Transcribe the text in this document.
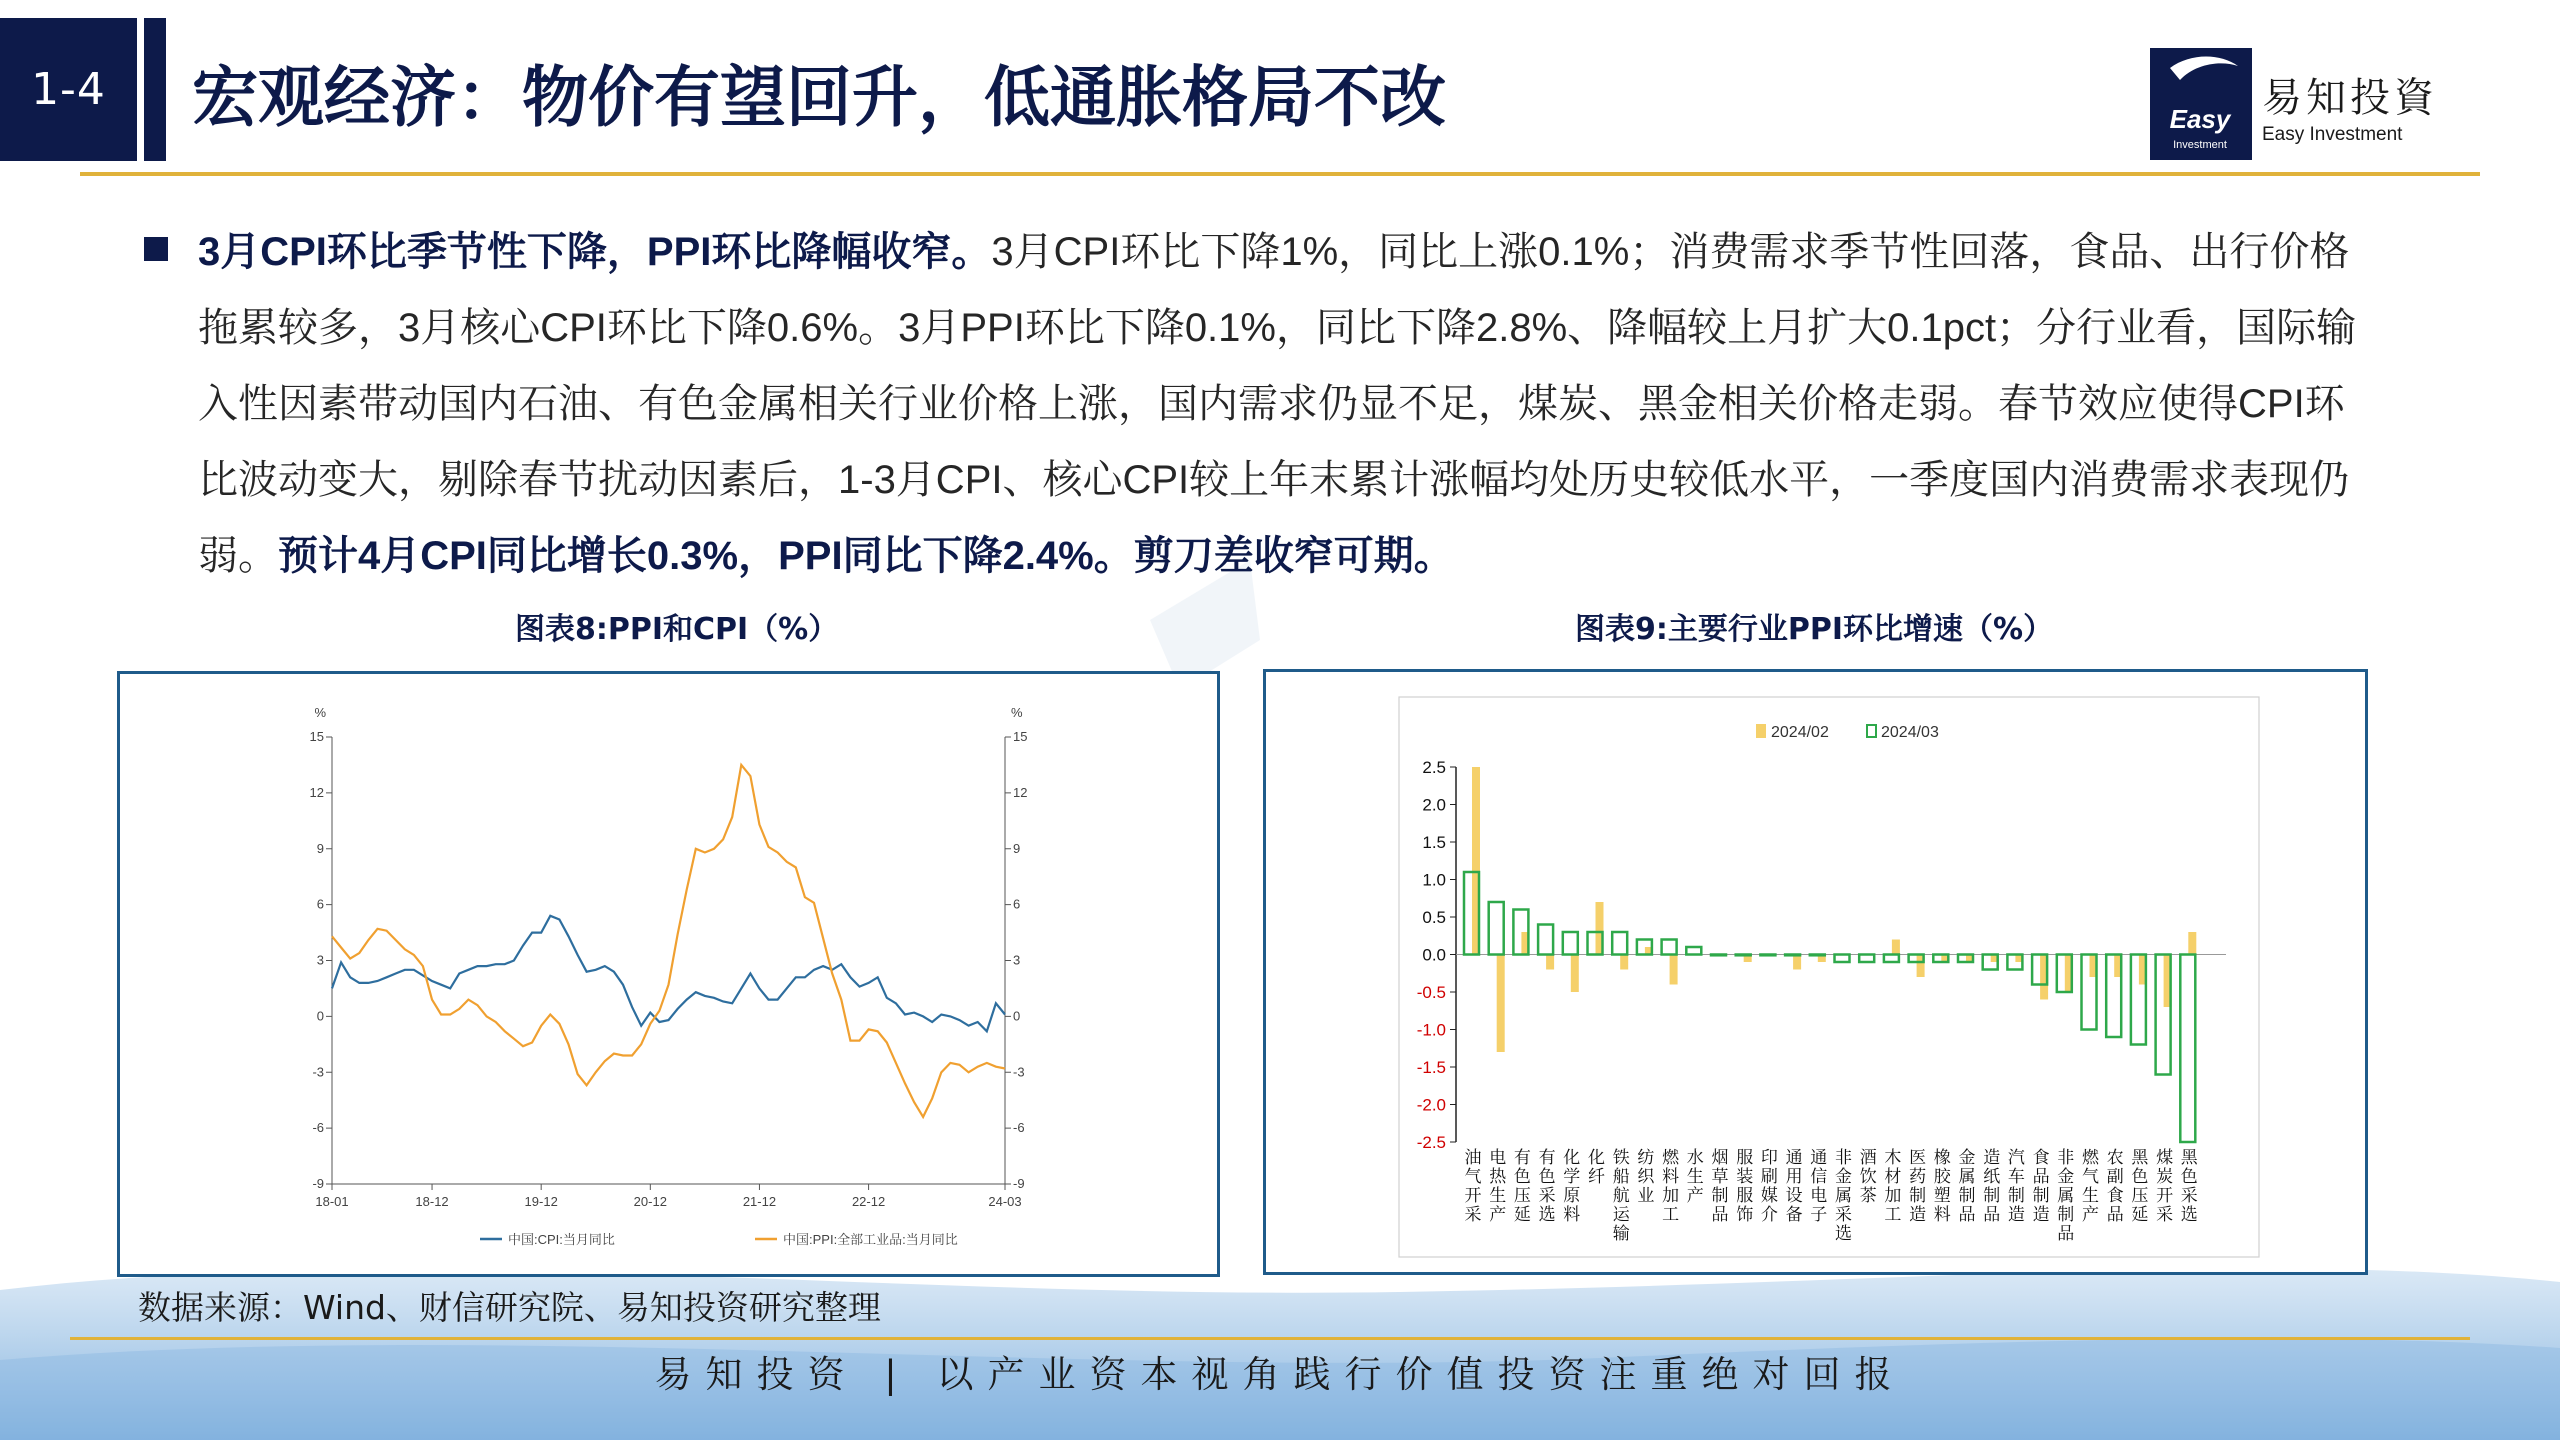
1-4	宏观经济：物价有望回升，低通胀格局不改	Easy
Investment
易知投資
Easy Investment
3月CPI环比季节性下降，PPI环比降幅收窄。3月CPI环比下降1%，同比上涨0.1%；消费需求季节性回落，食品、出行价格拖累较多，3月核心CPI环比下降0.6%。3月PPI环比下降0.1%，同比下降2.8%、降幅较上月扩大0.1pct；分行业看，国际输入性因素带动国内石油、有色金属相关行业价格上涨，国内需求仍显不足，煤炭、黑金相关价格走弱。春节效应使得CPI环比波动变大，剔除春节扰动因素后，1-3月CPI、核心CPI较上年末累计涨幅均处历史较低水平，一季度国内消费需求表现仍弱。预计4月CPI同比增长0.3%，PPI同比下降2.4%。剪刀差收窄可期。
图表8:PPI和CPI（%）	图表9:主要行业PPI环比增速（%）
%	%
-9	-9
-6	-6
-3	-3
0	0
3	3
6	6
9	9
12	12
15	15
18-01	18-12	19-12	20-12	21-12	22-12	24-03
中国:CPI:当月同比	中国:PPI:全部工业品:当月同比
2.5
2.0
1.5
1.0
0.5
0.0
-0.5
-1.0
-1.5
-2.0
-2.5
2024/02	2024/03
油
气
开
采
电
热
生
产
有
色
压
延
有
色
采
选
化
学
原
料
化
纤
铁
船
航
运
输
纺
织
业
燃
料
加
工
水
生
产
烟
草
制
品
服
装
服
饰
印
刷
媒
介
通
用
设
备
通
信
电
子
非
金
属
采
选
酒
饮
茶
木
材
加
工
医
药
制
造
橡
胶
塑
料
金
属
制
品
造
纸
制
品
汽
车
制
造
食
品
制
造
非
金
属
制
品
燃
气
生
产
农
副
食
品
黑
色
压
延
煤
炭
开
采
黑
色
采
选
数据来源：Wind、财信研究院、易知投资研究整理
易知投资 | 以产业资本视角践行价值投资注重绝对回报
